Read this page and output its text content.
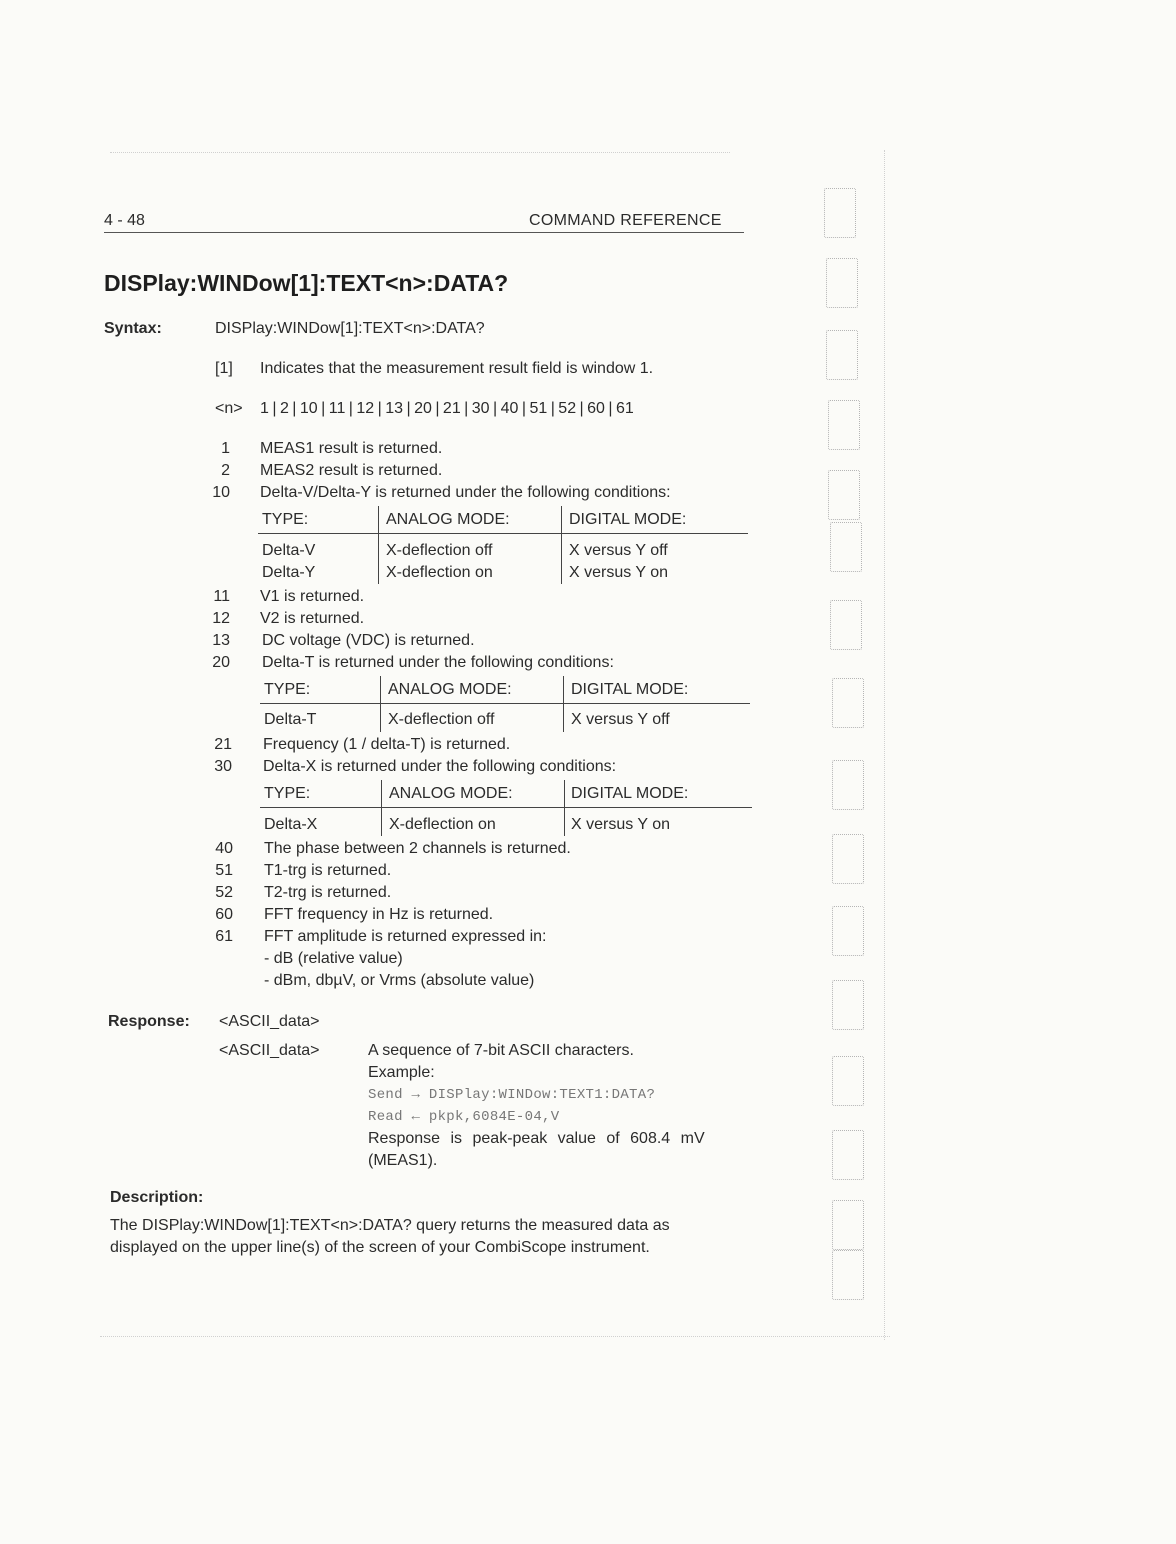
4 - 48	COMMAND REFERENCE
DISPlay:WINDow[1]:TEXT<n>:DATA?
Syntax:	DISPlay:WINDow[1]:TEXT<n>:DATA?
[1] Indicates that the measurement result field is window 1.
<n> 1 | 2 | 10 | 11 | 12 | 13 | 20 | 21 | 30 | 40 | 51 | 52 | 60 | 61
1 MEAS1 result is returned.
2 MEAS2 result is returned.
10 Delta-V/Delta-Y is returned under the following conditions:
TYPE:	ANALOG MODE:	DIGITAL MODE:
Delta-V	X-deflection off	X versus Y off
Delta-Y	X-deflection on	X versus Y on
11 V1 is returned.
12 V2 is returned.
13 DC voltage (VDC) is returned.
20 Delta-T is returned under the following conditions:
TYPE:	ANALOG MODE:	DIGITAL MODE:
Delta-T	X-deflection off	X versus Y off
21 Frequency (1 / delta-T) is returned.
30 Delta-X is returned under the following conditions:
TYPE:	ANALOG MODE:	DIGITAL MODE:
Delta-X	X-deflection on	X versus Y on
40 The phase between 2 channels is returned.
51 T1-trg is returned.
52 T2-trg is returned.
60 FFT frequency in Hz is returned.
61 FFT amplitude is returned expressed in:
- dB (relative value)
- dBm, dbµV, or Vrms (absolute value)
Response: <ASCII_data>
<ASCII_data>	A sequence of 7-bit ASCII characters.
Example:
Send → DISPlay:WINDow:TEXT1:DATA?
Read ← pkpk,6084E-04,V
Response is peak-peak value of 608.4 mV
(MEAS1).
Description:
The DISPlay:WINDow[1]:TEXT<n>:DATA? query returns the measured data as
displayed on the upper line(s) of the screen of your CombiScope instrument.
